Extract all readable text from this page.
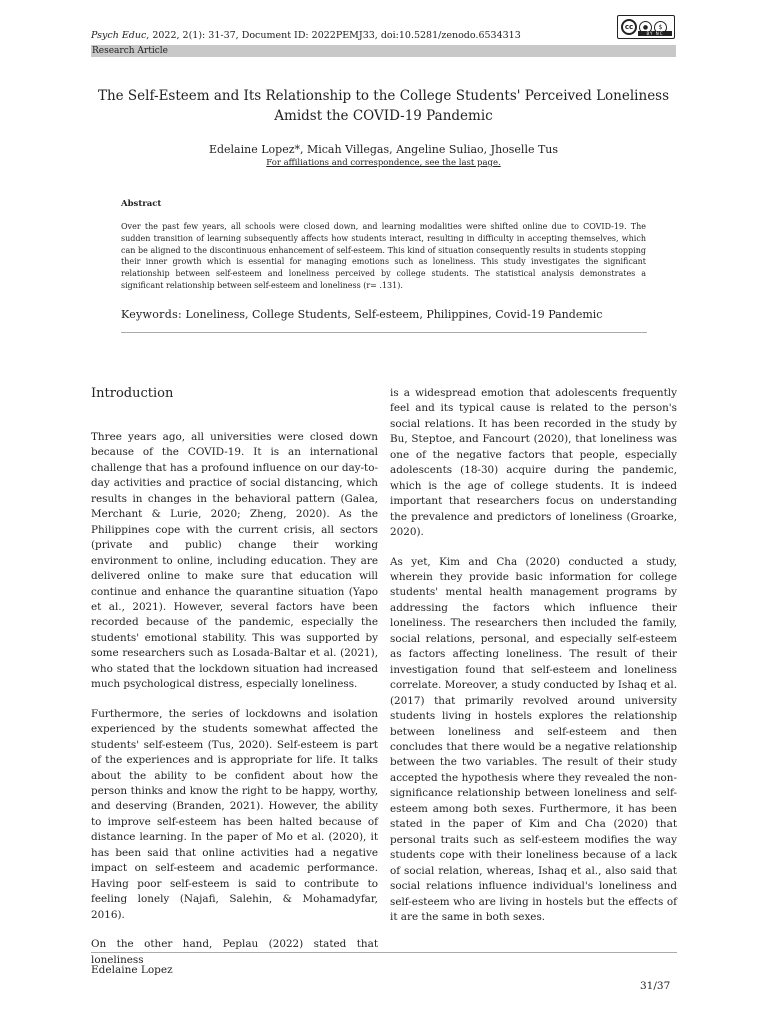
Psych Educ, 2022, 2(1): 31-37, Document ID: 2022PEMJ33, doi:10.5281/zenodo.6534313
cc	●	$
BY NC
Research Article
The Self-Esteem and Its Relationship to the College Students' Perceived Loneliness
Amidst the COVID-19 Pandemic
Edelaine Lopez*, Micah Villegas, Angeline Suliao, Jhoselle Tus
For affiliations and correspondence, see the last page.
Abstract
Over the past few years, all schools were closed down, and learning modalities were shifted online due to COVID-19. The sudden transition of learning subsequently affects how students interact, resulting in difficulty in accepting themselves, which can be aligned to the discontinuous enhancement of self-esteem. This kind of situation consequently results in students stopping their inner growth which is essential for managing emotions such as loneliness. This study investigates the significant relationship between self-esteem and loneliness perceived by college students. The statistical analysis demonstrates a significant relationship between self-esteem and loneliness (r= .131).
Keywords: Loneliness, College Students, Self-esteem, Philippines, Covid-19 Pandemic
Introduction

Three years ago, all universities were closed down because of the COVID-19. It is an international challenge that has a profound influence on our day-to-day activities and practice of social distancing, which results in changes in the behavioral pattern (Galea, Merchant & Lurie, 2020; Zheng, 2020). As the Philippines cope with the current crisis, all sectors (private and public) change their working environment to online, including education. They are delivered online to make sure that education will continue and enhance the quarantine situation (Yapo et al., 2021). However, several factors have been recorded because of the pandemic, especially the students' emotional stability. This was supported by some researchers such as Losada-Baltar et al. (2021), who stated that the lockdown situation had increased much psychological distress, especially loneliness.

Furthermore, the series of lockdowns and isolation experienced by the students somewhat affected the students' self-esteem (Tus, 2020). Self-esteem is part of the experiences and is appropriate for life. It talks about the ability to be confident about how the person thinks and know the right to be happy, worthy, and deserving (Branden, 2021). However, the ability to improve self-esteem has been halted because of distance learning. In the paper of Mo et al. (2020), it has been said that online activities had a negative impact on self-esteem and academic performance. Having poor self-esteem is said to contribute to feeling lonely (Najafi, Salehin, & Mohamadyfar, 2016).

On the other hand, Peplau (2022) stated that loneliness

is a widespread emotion that adolescents frequently feel and its typical cause is related to the person's social relations. It has been recorded in the study by Bu, Steptoe, and Fancourt (2020), that loneliness was one of the negative factors that people, especially adolescents (18-30) acquire during the pandemic, which is the age of college students. It is indeed important that researchers focus on understanding the prevalence and predictors of loneliness (Groarke, 2020).

As yet, Kim and Cha (2020) conducted a study, wherein they provide basic information for college students' mental health management programs by addressing the factors which influence their loneliness. The researchers then included the family, social relations, personal, and especially self-esteem as factors affecting loneliness. The result of their investigation found that self-esteem and loneliness correlate. Moreover, a study conducted by Ishaq et al. (2017) that primarily revolved around university students living in hostels explores the relationship between loneliness and self-esteem and then concludes that there would be a negative relationship between the two variables. The result of their study accepted the hypothesis where they revealed the non-significance relationship between loneliness and self-esteem among both sexes. Furthermore, it has been stated in the paper of Kim and Cha (2020) that personal traits such as self-esteem modifies the way students cope with their loneliness because of a lack of social relation, whereas, Ishaq et al., also said that social relations influence individual's loneliness and self-esteem who are living in hostels but the effects of it are the same in both sexes.

Edelaine Lopez
31/37
